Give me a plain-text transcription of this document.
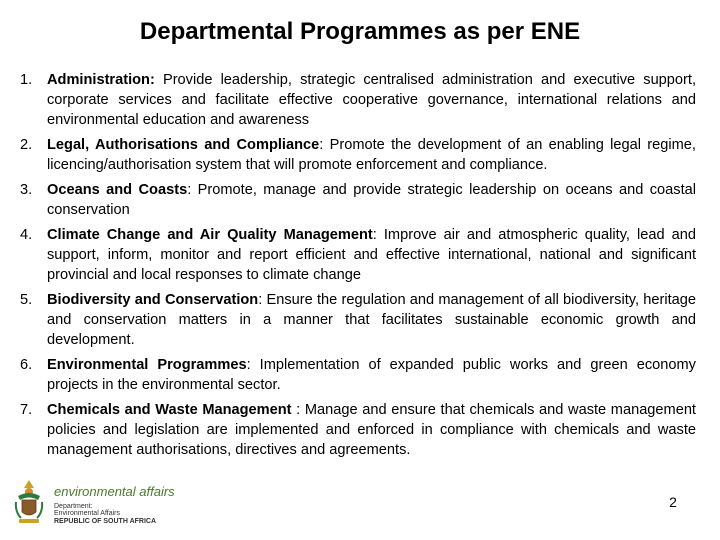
Departmental Programmes as per ENE
1.	Administration: Provide leadership, strategic centralised administration and executive support, corporate services and facilitate effective cooperative governance, international relations and environmental education and awareness
2.	Legal, Authorisations and Compliance: Promote the development of an enabling legal regime, licencing/authorisation system that will promote enforcement and compliance.
3.	Oceans and Coasts: Promote, manage and provide strategic leadership on oceans and coastal conservation
4.	Climate Change and Air Quality Management: Improve air and atmospheric quality, lead and support, inform, monitor and report efficient and effective international, national and significant provincial and local responses to climate change
5.	Biodiversity and Conservation: Ensure the regulation and management of all biodiversity, heritage and conservation matters in a manner that facilitates sustainable economic growth and development.
6.	Environmental Programmes: Implementation of expanded public works and green economy projects in the environmental sector.
7.	Chemicals and Waste Management : Manage and ensure that chemicals and waste management policies and legislation are implemented and enforced in compliance with chemicals and waste management authorisations, directives and agreements.
environmental affairs
Department:
Environmental Affairs
REPUBLIC OF SOUTH AFRICA
2
